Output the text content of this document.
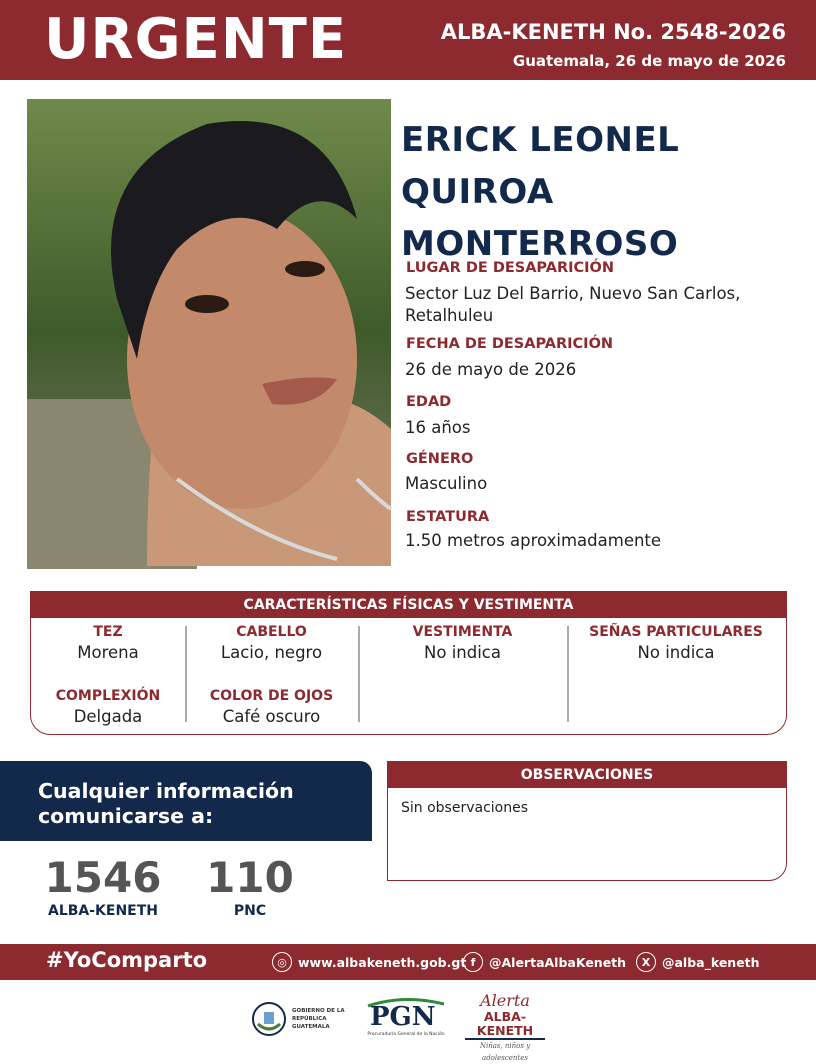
URGENTE	ALBA-KENETH No. 2548-2026
Guatemala, 26 de mayo de 2026
ERICK LEONEL
QUIROA
MONTERROSO
LUGAR DE DESAPARICIÓN
Sector Luz Del Barrio, Nuevo San Carlos,
Retalhuleu
FECHA DE DESAPARICIÓN
26 de mayo de 2026
EDAD
16 años
GÉNERO
Masculino
ESTATURA
1.50 metros aproximadamente
CARACTERÍSTICAS FÍSICAS Y VESTIMENTA
TEZ
Morena
COMPLEXIÓN
Delgada
CABELLO
Lacio, negro
COLOR DE OJOS
Café oscuro
VESTIMENTA
No indica
SEÑAS PARTICULARES
No indica
Cualquier información
comunicarse a:
1546
ALBA-KENETH
110
PNC
OBSERVACIONES
Sin observaciones
#YoComparto	◎ www.albakeneth.gob.gt f	@AlertaAlbaKeneth	X @alba_keneth
GOBIERNO DE LA REPÚBLICA
GUATEMALA	PGN
Procuraduría General de la Nación
Alerta
ALBA-KENETH
Niñas, niños y adolescentes
